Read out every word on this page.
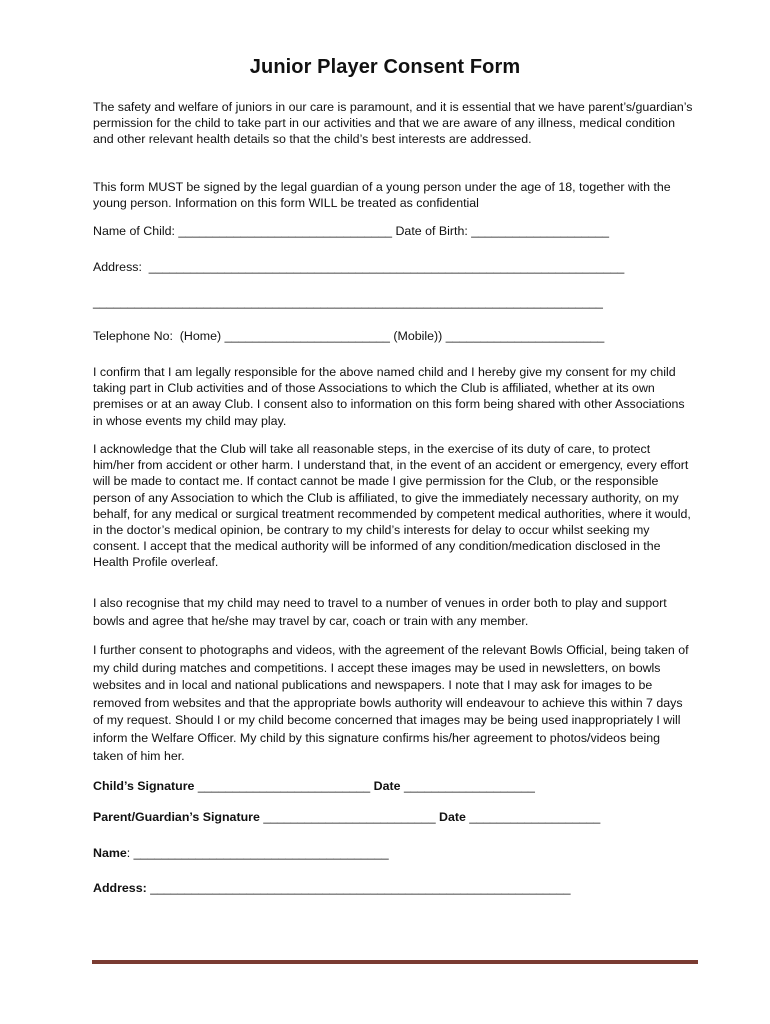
Junior Player Consent Form

The safety and welfare of juniors in our care is paramount, and it is essential that we have parent’s/guardian’s permission for the child to take part in our activities and that we are aware of any illness, medical condition and other relevant health details so that the child’s best interests are addressed.

This form MUST be signed by the legal guardian of a young person under the age of 18, together with the young person. Information on this form WILL be treated as confidential

Name of Child: _______________________________ Date of Birth: ____________________
Address: _____________________________________________________________________
__________________________________________________________________________
Telephone No:  (Home) ________________________ (Mobile)) _______________________

I confirm that I am legally responsible for the above named child and I hereby give my consent for my child taking part in Club activities and of those Associations to which the Club is affiliated, whether at its own premises or at an away Club. I consent also to information on this form being shared with other Associations in whose events my child may play.

I acknowledge that the Club will take all reasonable steps, in the exercise of its duty of care, to protect him/her from accident or other harm. I understand that, in the event of an accident or emergency, every effort will be made to contact me. If contact cannot be made I give permission for the Club, or the responsible person of any Association to which the Club is affiliated, to give the immediately necessary authority, on my behalf, for any medical or surgical treatment recommended by competent medical authorities, where it would, in the doctor’s medical opinion, be contrary to my child’s interests for delay to occur whilst seeking my consent. I accept that the medical authority will be informed of any condition/medication disclosed in the Health Profile overleaf.

I also recognise that my child may need to travel to a number of venues in order both to play and support bowls and agree that he/she may travel by car, coach or train with any member.

I further consent to photographs and videos, with the agreement of the relevant Bowls Official, being taken of my child during matches and competitions. I accept these images may be used in newsletters, on bowls websites and in local and national publications and newspapers. I note that I may ask for images to be removed from websites and that the appropriate bowls authority will endeavour to achieve this within 7 days of my request. Should I or my child become concerned that images may be being used inappropriately I will inform the Welfare Officer. My child by this signature confirms his/her agreement to photos/videos being taken of him her.

Child’s Signature _________________________ Date ___________________
Parent/Guardian’s Signature _________________________ Date ___________________
Name: _____________________________________
Address: _____________________________________________________________
